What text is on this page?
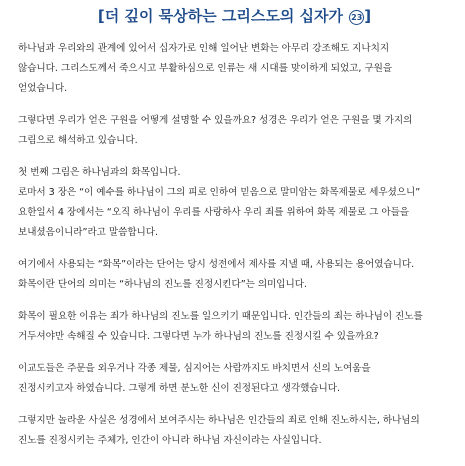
[더 깊이 묵상하는 그리스도의 십자가 23 ]
하나님과 우리와의 관계에 있어서 십자가로 인해 일어난 변화는 아무리 강조해도 지나치지
않습니다. 그리스도께서 죽으시고 부활하심으로 인류는 새 시대를 맞이하게 되었고, 구원을
얻었습니다.
그렇다면 우리가 얻은 구원을 어떻게 설명할 수 있을까요? 성경은 우리가 얻은 구원을 몇 가지의
그림으로 해석하고 있습니다.
첫 번째 그림은 하나님과의 화목입니다.
로마서 3 장은 “이 예수를 하나님이 그의 피로 인하여 믿음으로 말미암는 화목제물로 세우셨으니”
요한일서 4 장에서는 “오직 하나님이 우리를 사랑하사 우리 죄를 위하여 화목 제물로 그 아들을
보내셨음이니라”라고 말씀합니다.
여기에서 사용되는 “화목”이라는 단어는 당시 성전에서 제사를 지낼 때, 사용되는 용어였습니다.
화목이란 단어의 의미는 “하나님의 진노를 진정시킨다”는 의미입니다.
화목이 필요한 이유는 죄가 하나님의 진노를 일으키기 때문입니다. 인간들의 죄는 하나님이 진노를
거두셔야만 속해질 수 있습니다. 그렇다면 누가 하나님의 진노를 진정시킬 수 있을까요?
이교도들은 주문을 외우거나 각종 제물, 심지어는 사람까지도 바치면서 신의 노여움을
진정시키고자 하였습니다. 그렇게 하면 분노한 신이 진정된다고 생각했습니다.
그렇지만 놀라운 사실은 성경에서 보여주시는 하나님은 인간들의 죄로 인해 진노하시는, 하나님의
진노를 진정시키는 주체가, 인간이 아니라 하나님 자신이라는 사실입니다.
